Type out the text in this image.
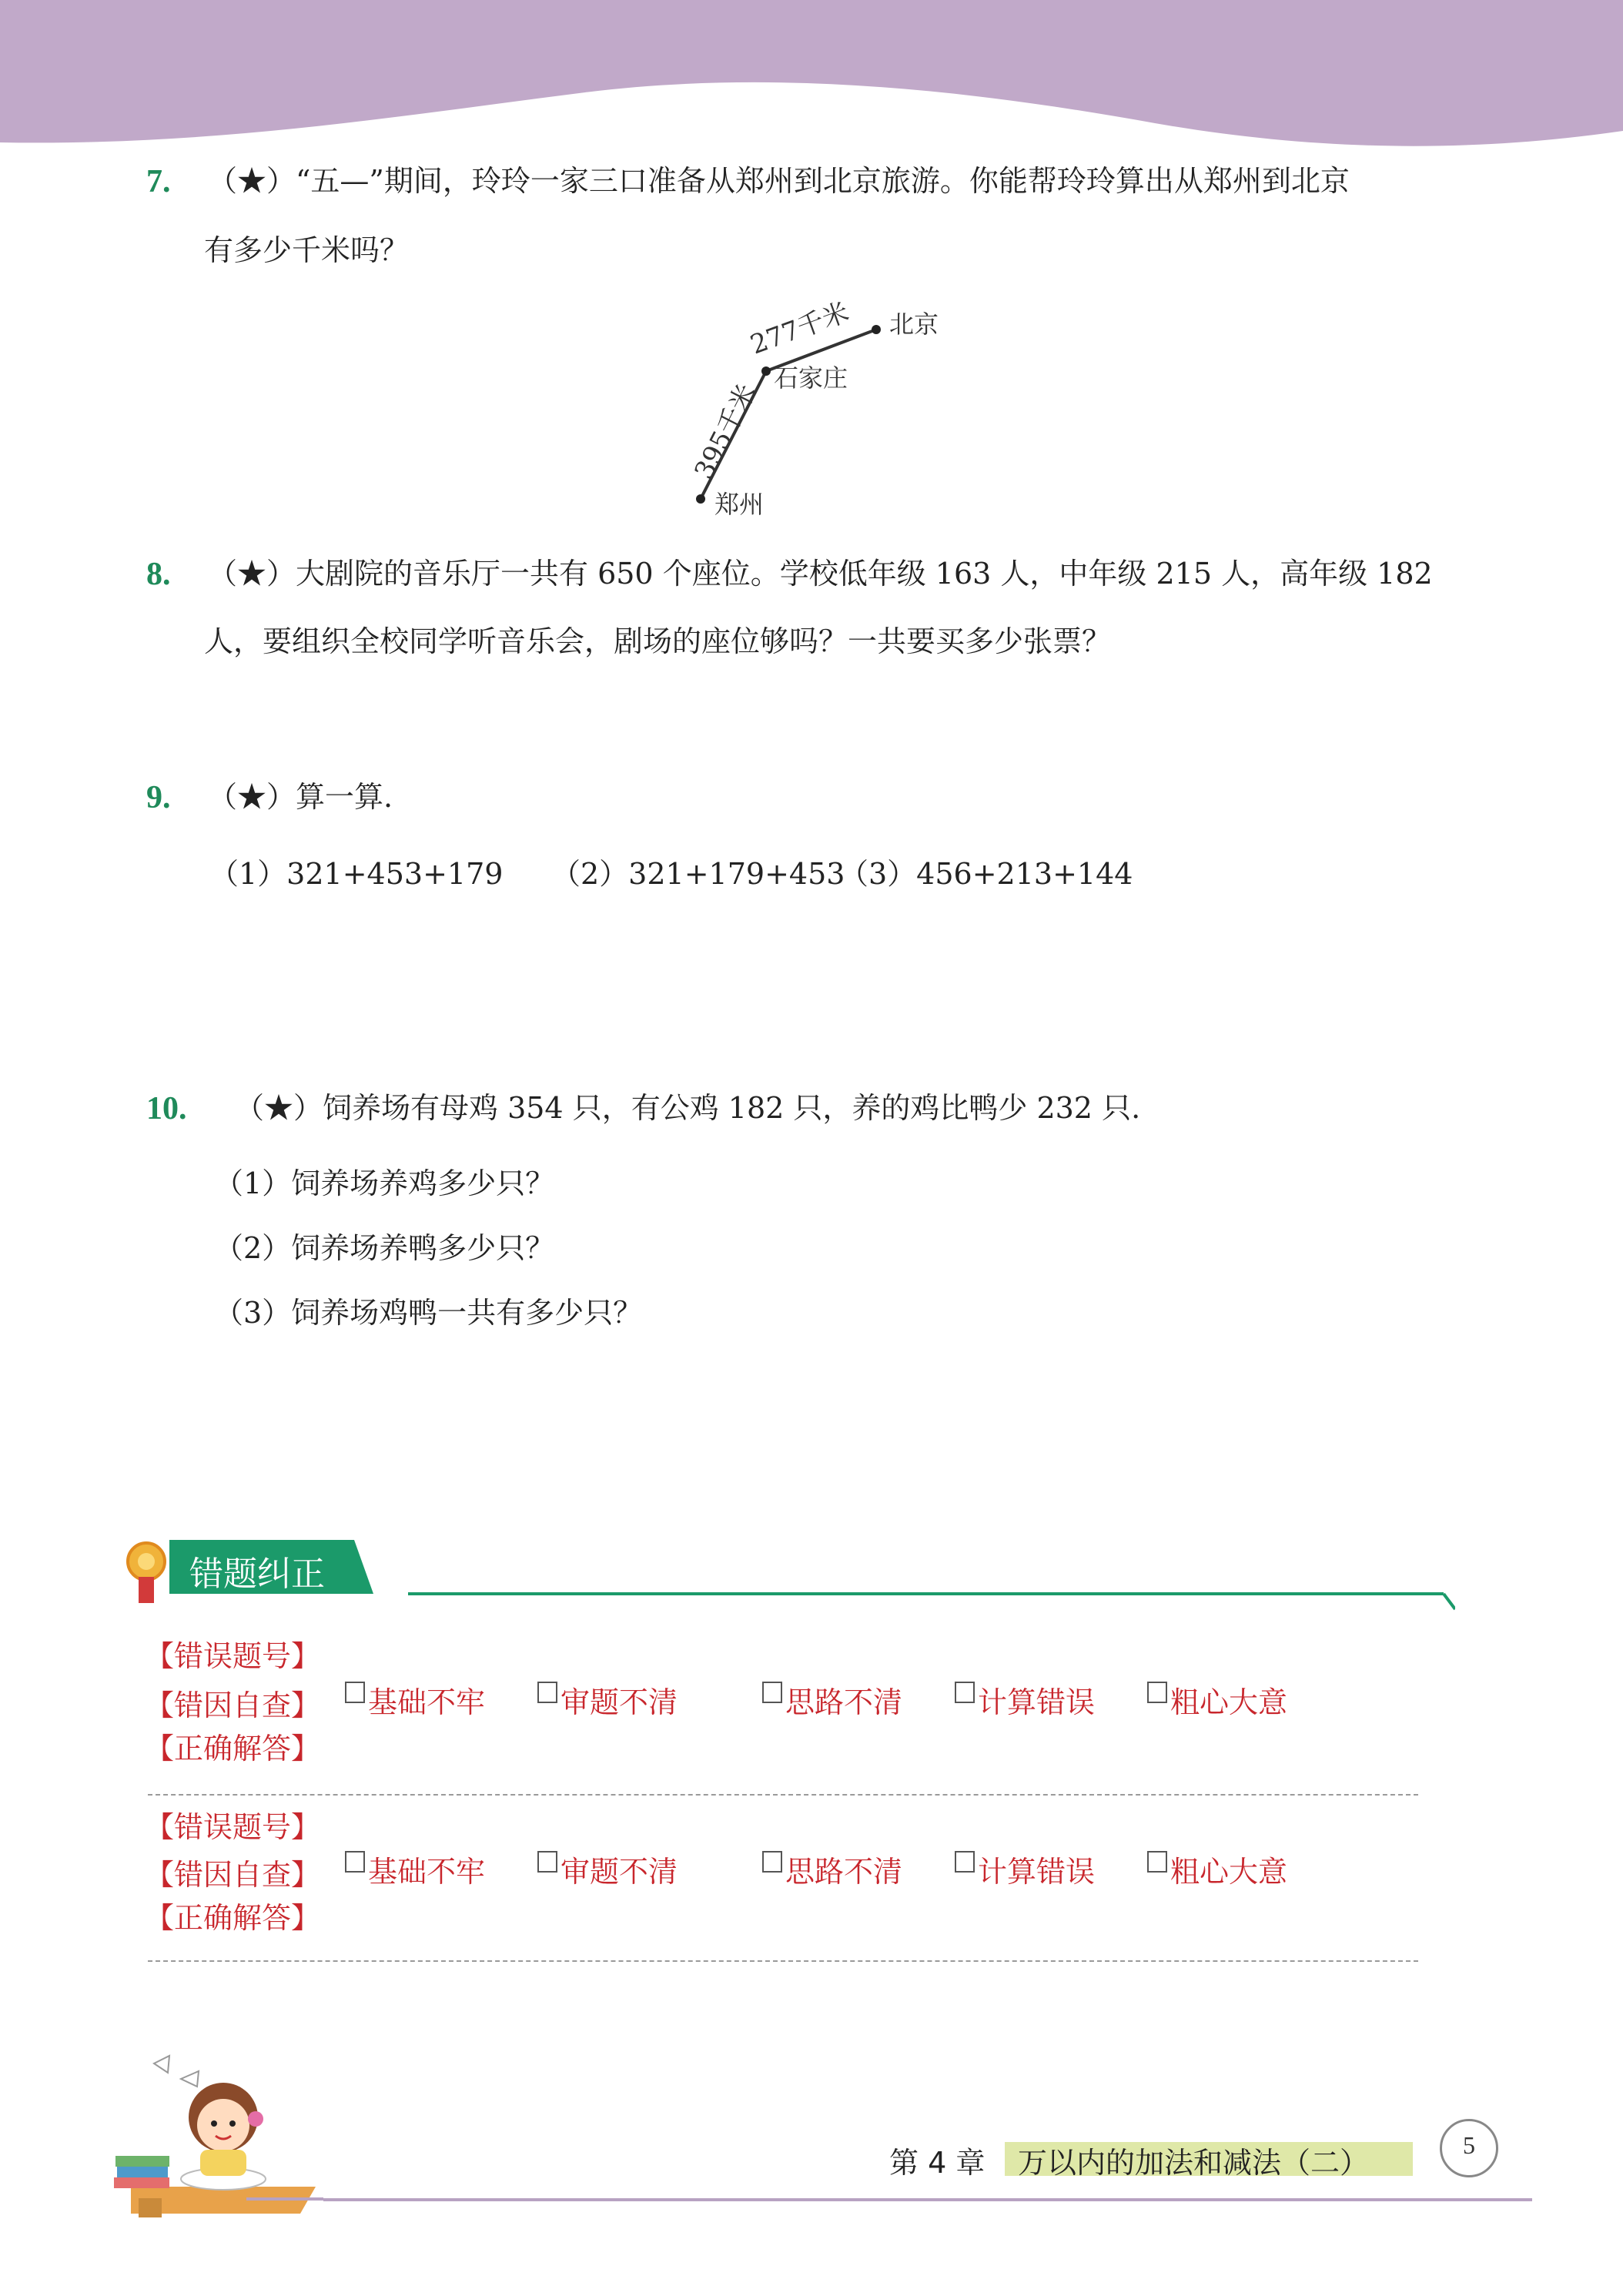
7. （★）“五—”期间，玲玲一家三口准备从郑州到北京旅游。你能帮玲玲算出从郑州到北京
有多少千米吗？
277千米
395千米
北京
石家庄
郑州
8. （★）大剧院的音乐厅一共有 650 个座位。学校低年级 163 人，中年级 215 人，高年级 182
人，要组织全校同学听音乐会，剧场的座位够吗？一共要买多少张票？
9. （★）算一算.
（1）321+453+179 （2）321+179+453
（3）456+213+144
10. （★）饲养场有母鸡 354 只，有公鸡 182 只，养的鸡比鸭少 232 只.
（1）饲养场养鸡多少只？
（2）饲养场养鸭多少只？
（3）饲养场鸡鸭一共有多少只？
错题纠正
【错误题号】
【错因自查】
【正确解答】
基础不牢	审题不清	思路不清	计算错误	粗心大意
【错误题号】
【错因自查】
【正确解答】
基础不牢	审题不清	思路不清	计算错误	粗心大意
第 4 章 万以内的加法和减法（二）
5
